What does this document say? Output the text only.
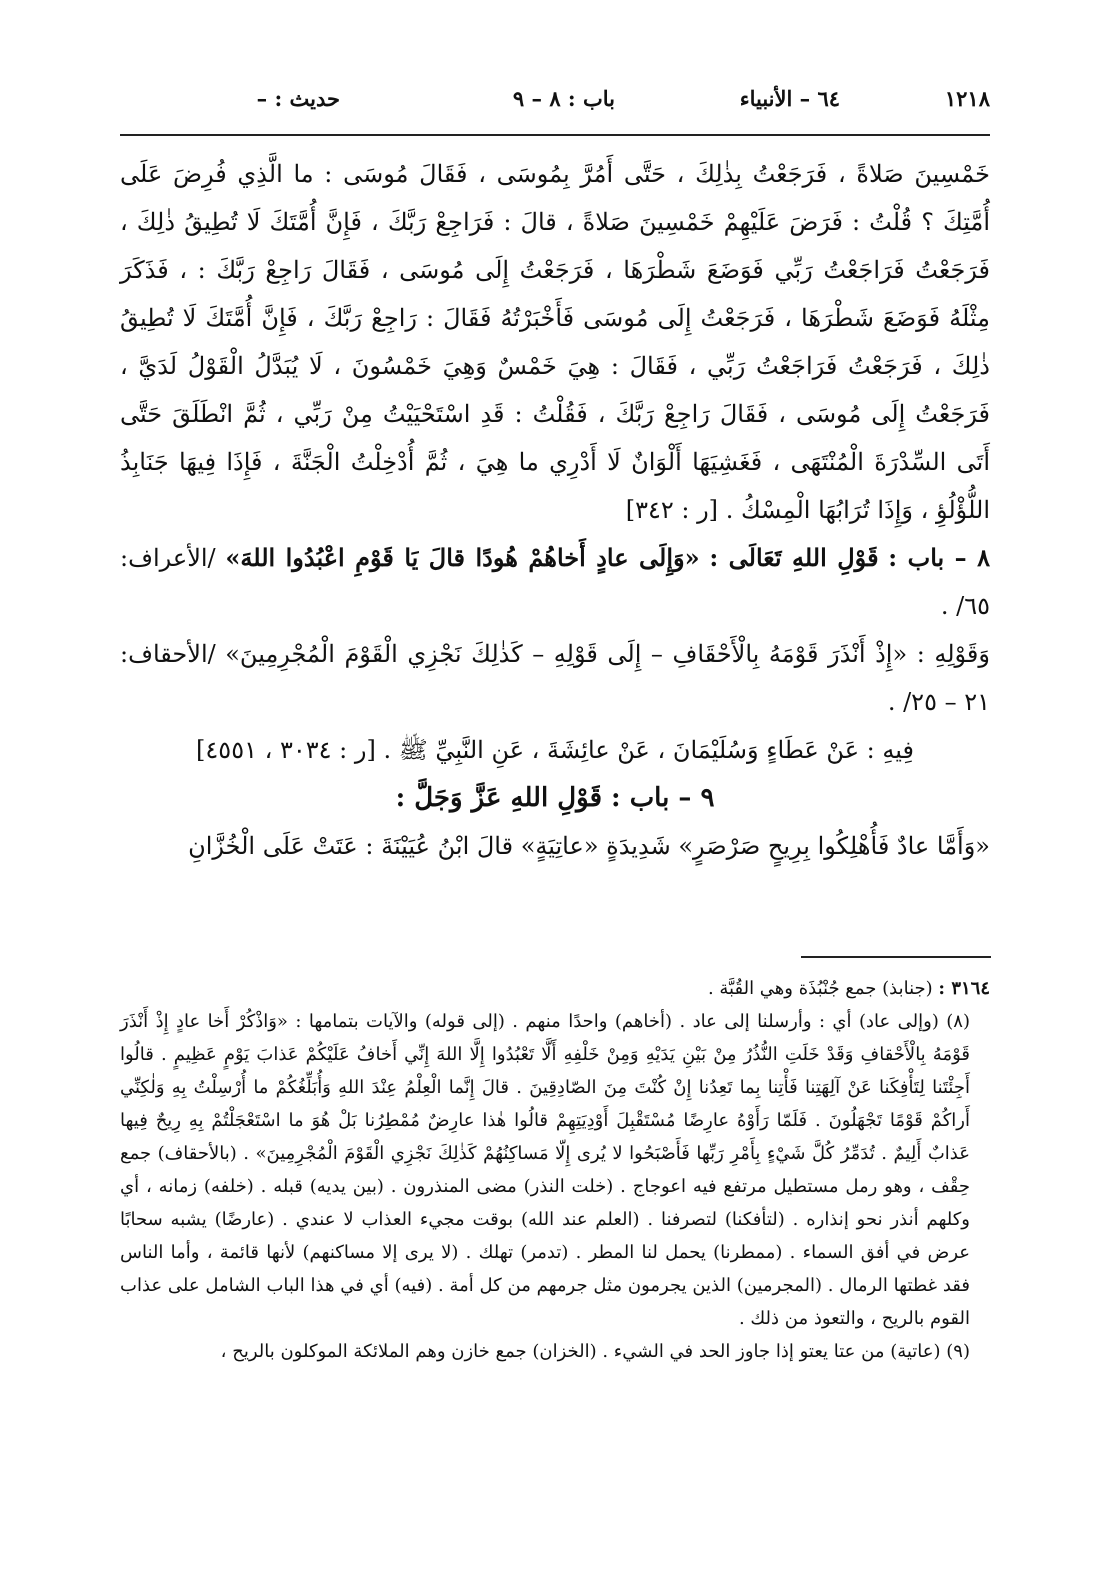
١٢١٨
٦٤ – الأنبياء
باب : ٨ – ٩
حديث : –

خَمْسِينَ صَلاةً ، فَرَجَعْتُ بِذٰلِكَ ، حَتَّى أَمُرَّ بِمُوسَى ، فَقَالَ مُوسَى : ما الَّذِي فُرِضَ عَلَى أُمَّتِكَ ؟ قُلْتُ : فَرَضَ عَلَيْهِمْ خَمْسِينَ صَلاةً ، قالَ : فَرَاجِعْ رَبَّكَ ، فَإِنَّ أُمَّتَكَ لَا تُطِيقُ ذٰلِكَ ، فَرَجَعْتُ فَرَاجَعْتُ رَبِّي فَوَضَعَ شَطْرَهَا ، فَرَجَعْتُ إِلَى مُوسَى ، فَقَالَ رَاجِعْ رَبَّكَ : ، فَذَكَرَ مِثْلَهُ فَوَضَعَ شَطْرَهَا ، فَرَجَعْتُ إِلَى مُوسَى فَأَخْبَرْتُهُ فَقَالَ : رَاجِعْ رَبَّكَ ، فَإِنَّ أُمَّتَكَ لَا تُطِيقُ ذٰلِكَ ، فَرَجَعْتُ فَرَاجَعْتُ رَبِّي ، فَقَالَ : هِيَ خَمْسٌ وَهِيَ خَمْسُونَ ، لَا يُبَدَّلُ الْقَوْلُ لَدَيَّ ، فَرَجَعْتُ إِلَى مُوسَى ، فَقَالَ رَاجِعْ رَبَّكَ ، فَقُلْتُ : قَدِ اسْتَحْيَيْتُ مِنْ رَبِّي ، ثُمَّ انْطَلَقَ حَتَّى أَتَى السِّدْرَةَ الْمُنْتَهَى ، فَغَشِيَهَا أَلْوَانٌ لَا أَدْرِي ما هِيَ ، ثُمَّ أُدْخِلْتُ الْجَنَّةَ ، فَإِذَا فِيهَا جَنَابِذُ اللُّؤْلُؤِ ، وَإِذَا تُرَابُهَا الْمِسْكُ . [ر : ٣٤٢]

٨ – باب : قَوْلِ اللهِ تَعَالَى : «وَإِلَى عادٍ أَخاهُمْ هُودًا قالَ يَا قَوْمِ اعْبُدُوا اللهَ» /الأعراف: ٦٥/ .

وَقَوْلِهِ : «إِذْ أَنْذَرَ قَوْمَهُ بِالْأَحْقَافِ – إِلَى قَوْلِهِ – كَذٰلِكَ نَجْزِي الْقَوْمَ الْمُجْرِمِينَ» /الأحقاف: ٢١ – ٢٥/ .

فِيهِ : عَنْ عَطَاءٍ وَسُلَيْمَانَ ، عَنْ عائِشَةَ ، عَنِ النَّبِيِّ ﷺ . [ر : ٣٠٣٤ ، ٤٥٥١]

٩ – باب : قَوْلِ اللهِ عَزَّ وَجَلَّ :

«وَأَمَّا عادٌ فَأُهْلِكُوا بِرِيحٍ صَرْصَرٍ» شَدِيدَةٍ «عاتِيَةٍ» قالَ ابْنُ عُيَيْنَةَ : عَتَتْ عَلَى الْخُزَّانِ

٣١٦٤ : (جنابذ) جمع جُنْبُذَة وهي القُبَّة .

(٨) (وإلى عاد) أي : وأرسلنا إلى عاد . (أخاهم) واحدًا منهم . (إلى قوله) والآيات بتمامها : «وَاذْكُرْ أَخا عادٍ إِذْ أَنْذَرَ قَوْمَهُ بِالْأَحْقافِ وَقَدْ خَلَتِ النُّذُرُ مِنْ بَيْنِ يَدَيْهِ وَمِنْ خَلْفِهِ أَلَّا تَعْبُدُوا إِلَّا اللهَ إِنِّي أَخافُ عَلَيْكُمْ عَذابَ يَوْمٍ عَظِيمٍ . قالُوا أَجِئْتَنا لِتَأْفِكَنا عَنْ آلِهَتِنا فَأْتِنا بِما تَعِدُنا إِنْ كُنْتَ مِنَ الصّادِقِينَ . قالَ إِنَّما الْعِلْمُ عِنْدَ اللهِ وَأُبَلِّغُكُمْ ما أُرْسِلْتُ بِهِ وَلٰكِنِّي أَراكُمْ قَوْمًا تَجْهَلُونَ . فَلَمّا رَأَوْهُ عارِضًا مُسْتَقْبِلَ أَوْدِيَتِهِمْ قالُوا هٰذا عارِضٌ مُمْطِرُنا بَلْ هُوَ ما اسْتَعْجَلْتُمْ بِهِ رِيحٌ فِيها عَذابٌ أَلِيمٌ . تُدَمِّرُ كُلَّ شَيْءٍ بِأَمْرِ رَبِّها فَأَصْبَحُوا لا يُرى إِلّا مَساكِنُهُمْ كَذٰلِكَ نَجْزِي الْقَوْمَ الْمُجْرِمِينَ» . (بالأحقاف) جمع حِقْف ، وهو رمل مستطيل مرتفع فيه اعوجاج . (خلت النذر) مضى المنذرون . (بين يديه) قبله . (خلفه) زمانه ، أي وكلهم أنذر نحو إنذاره . (لتأفكنا) لتصرفنا . (العلم عند الله) بوقت مجيء العذاب لا عندي . (عارضًا) يشبه سحابًا عرض في أفق السماء . (ممطرنا) يحمل لنا المطر . (تدمر) تهلك . (لا يرى إلا مساكنهم) لأنها قائمة ، وأما الناس فقد غطتها الرمال . (المجرمين) الذين يجرمون مثل جرمهم من كل أمة . (فيه) أي في هذا الباب الشامل على عذاب القوم بالريح ، والتعوذ من ذلك .

(٩) (عاتية) من عتا يعتو إذا جاوز الحد في الشيء . (الخزان) جمع خازن وهم الملائكة الموكلون بالريح ،
